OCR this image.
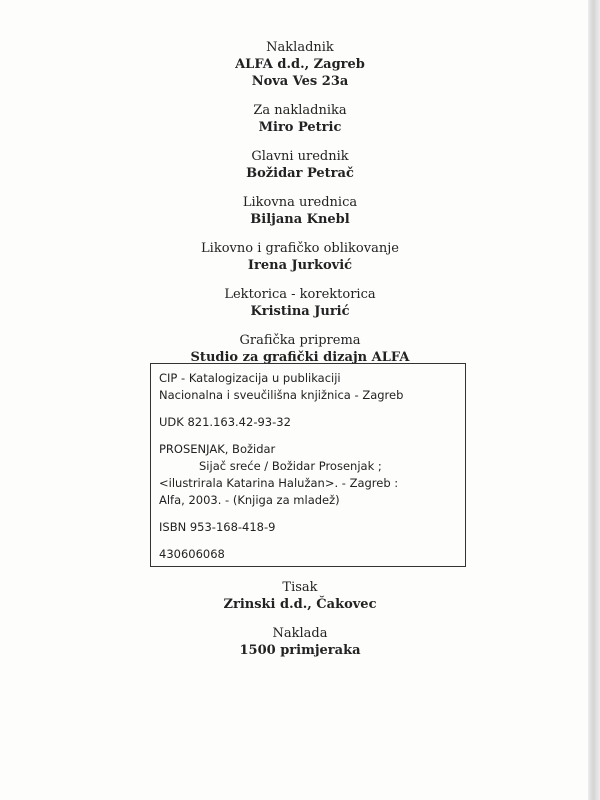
Nakladnik
ALFA d.d., Zagreb
Nova Ves 23a
Za nakladnika
Miro Petric
Glavni urednik
Božidar Petrač
Likovna urednica
Biljana Knebl
Likovno i grafičko oblikovanje
Irena Jurković
Lektorica - korektorica
Kristina Jurić
Grafička priprema
Studio za grafički dizajn ALFA
CIP - Katalogizacija u publikaciji
Nacionalna i sveučilišna knjižnica - Zagreb
UDK 821.163.42-93-32
PROSENJAK, Božidar
Sijač sreće / Božidar Prosenjak ;
<ilustrirala Katarina Halužan>. - Zagreb :
Alfa, 2003. - (Knjiga za mladež)
ISBN 953-168-418-9
430606068
Tisak
Zrinski d.d., Čakovec
Naklada
1500 primjeraka
